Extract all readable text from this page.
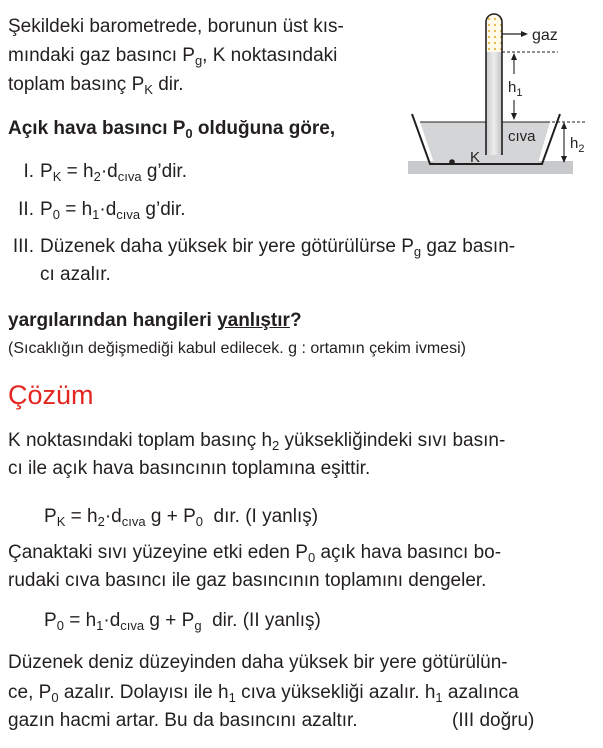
Şekildeki barometrede, borunun üst kıs-
mındaki gaz basıncı $P_g$, K noktasındaki
toplam basınç $P_K$ dir.
Açık hava basıncı $P_0$ olduğuna göre,
I. $P_K = h_2\cdot d_{cıva}$ g’dir.
II. $P_0 = h_1\cdot d_{cıva}$ g’dir.
III. Düzenek daha yüksek bir yere götürülürse $P_g$ gaz basın-
cı azalır.
yargılarından hangileri yanlıştır?
(Sıcaklığın değişmediği kabul edilecek. g : ortamın çekim ivmesi)
gaz
$h_1$
cıva $h_2$
K
Çözüm
K noktasındaki toplam basınç $h_2$ yüksekliğindeki sıvı basın-
cı ile açık hava basıncının toplamına eşittir.
$P_K = h_2\cdot d_{cıva}$ $g + P_0$  dır. (I yanlış)
Çanaktaki sıvı yüzeyine etki eden $P_0$ açık hava basıncı bo-
rudaki cıva basıncı ile gaz basıncının toplamını dengeler.
$P_0 = h_1\cdot d_{cıva}$ $g + P_g$  dir. (II yanlış)
Düzenek deniz düzeyinden daha yüksek bir yere götürülün-
ce, $P_0$ azalır. Dolayısı ile $h_1$ cıva yüksekliği azalır. $h_1$ azalınca
gazın hacmi artar. Bu da basıncını azaltır.	(III doğru)
